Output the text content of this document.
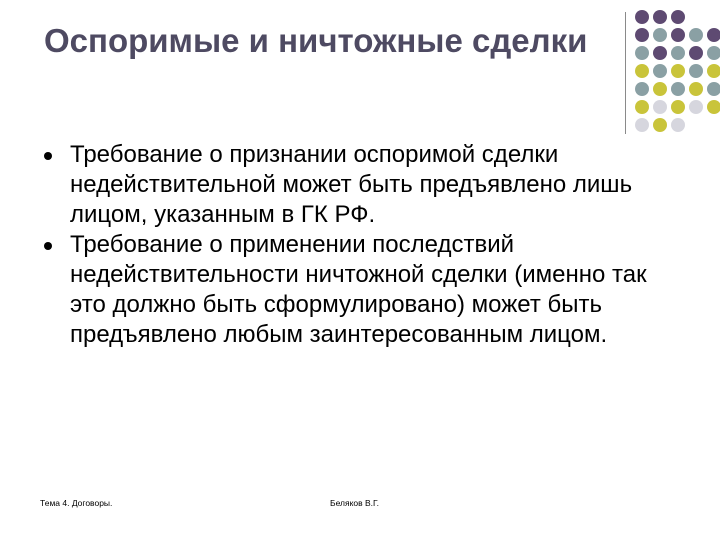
Оспоримые и ничтожные сделки
Требование о признании оспоримой сделки недействительной может быть предъявлено лишь лицом, указанным в ГК РФ.
Требование о применении последствий недействительности ничтожной сделки (именно так это должно быть сформулировано) может быть предъявлено любым заинтересованным лицом.
Тема 4. Договоры.	Беляков В.Г.
